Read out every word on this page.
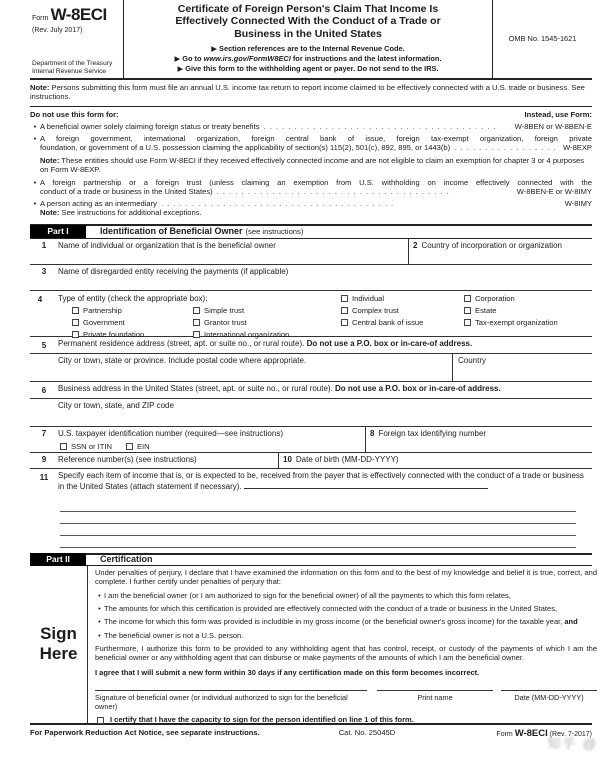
Form W-8ECI
(Rev. July 2017)
Department of the Treasury
Internal Revenue Service
Certificate of Foreign Person's Claim That Income Is
Effectively Connected With the Conduct of a Trade or
Business in the United States
▶ Section references are to the Internal Revenue Code.
▶ Go to www.irs.gov/FormW8ECI for instructions and the latest information.
▶ Give this form to the withholding agent or payer. Do not send to the IRS.
OMB No. 1545-1621
Note: Persons submitting this form must file an annual U.S. income tax return to report income claimed to be effectively connected with a U.S. trade or business. See instructions.
Do not use this form for:	Instead, use Form:
• A beneficial owner solely claiming foreign status or treaty benefits .	W-8BEN or W-8BEN-E
• A foreign government, international organization, foreign central bank of issue, foreign tax-exempt organization, foreign private
foundation, or government of a U.S. possession claiming the applicability of section(s) 115(2), 501(c), 892, 895, or 1443(b) .	W-8EXP
Note: These entities should use Form W-8ECI if they received effectively connected income and are not eligible to claim an exemption for chapter 3 or 4 purposes on Form W-8EXP.
• A foreign partnership or a foreign trust (unless claiming an exemption from U.S. withholding on income effectively connected with the
conduct of a trade or business in the United States) .	W-8BEN-E or W-8IMY
• A person acting as an intermediary .	W-8IMY
Note: See instructions for additional exceptions.
Part I	Identification of Beneficial Owner (see instructions)
1	Name of individual or organization that is the beneficial owner	2 Country of incorporation or organization
3	Name of disregarded entity receiving the payments (if applicable)
4	Type of entity (check the appropriate box):	Individual	Corporation
Partnership	Simple trust	Complex trust	Estate
Government	Grantor trust	Central bank of issue	Tax-exempt organization
Private foundation	International organization
5	Permanent residence address (street, apt. or suite no., or rural route). Do not use a P.O. box or in-care-of address.
City or town, state or province. Include postal code where appropriate.	Country
6	Business address in the United States (street, apt. or suite no., or rural route). Do not use a P.O. box or in-care-of address.
City or town, state, and ZIP code
7	U.S. taxpayer identification number (required—see instructions)
SSN or ITIN	EIN
8 Foreign tax identifying number
9	Reference number(s) (see instructions)	10 Date of birth (MM-DD-YYYY)
11	Specify each item of income that is, or is expected to be, received from the payer that is effectively connected with the conduct of a trade or business in the United States (attach statement if necessary).
Part II	Certification
Sign
Here

Under penalties of perjury, I declare that I have examined the information on this form and to the best of my knowledge and belief it is true, correct, and complete. I further certify under penalties of perjury that:

• I am the beneficial owner (or I am authorized to sign for the beneficial owner) of all the payments to which this form relates,
• The amounts for which this certification is provided are effectively connected with the conduct of a trade or business in the United States,
• The income for which this form was provided is includible in my gross income (or the beneficial owner's gross income) for the taxable year, and
• The beneficial owner is not a U.S. person.

Furthermore, I authorize this form to be provided to any withholding agent that has control, receipt, or custody of the payments of which I am the beneficial owner or any withholding agent that can disburse or make payments of the amounts of which I am the beneficial owner.

I agree that I will submit a new form within 30 days if any certification made on this form becomes incorrect.

Signature of beneficial owner (or individual authorized to sign for the beneficial owner)
Print name	Date (MM-DD-YYYY)
I certify that I have the capacity to sign for the person identified on line 1 of this form.
For Paperwork Reduction Act Notice, see separate instructions.	Cat. No. 25045D	Form W-8ECI (Rev. 7-2017)
知乎 @
